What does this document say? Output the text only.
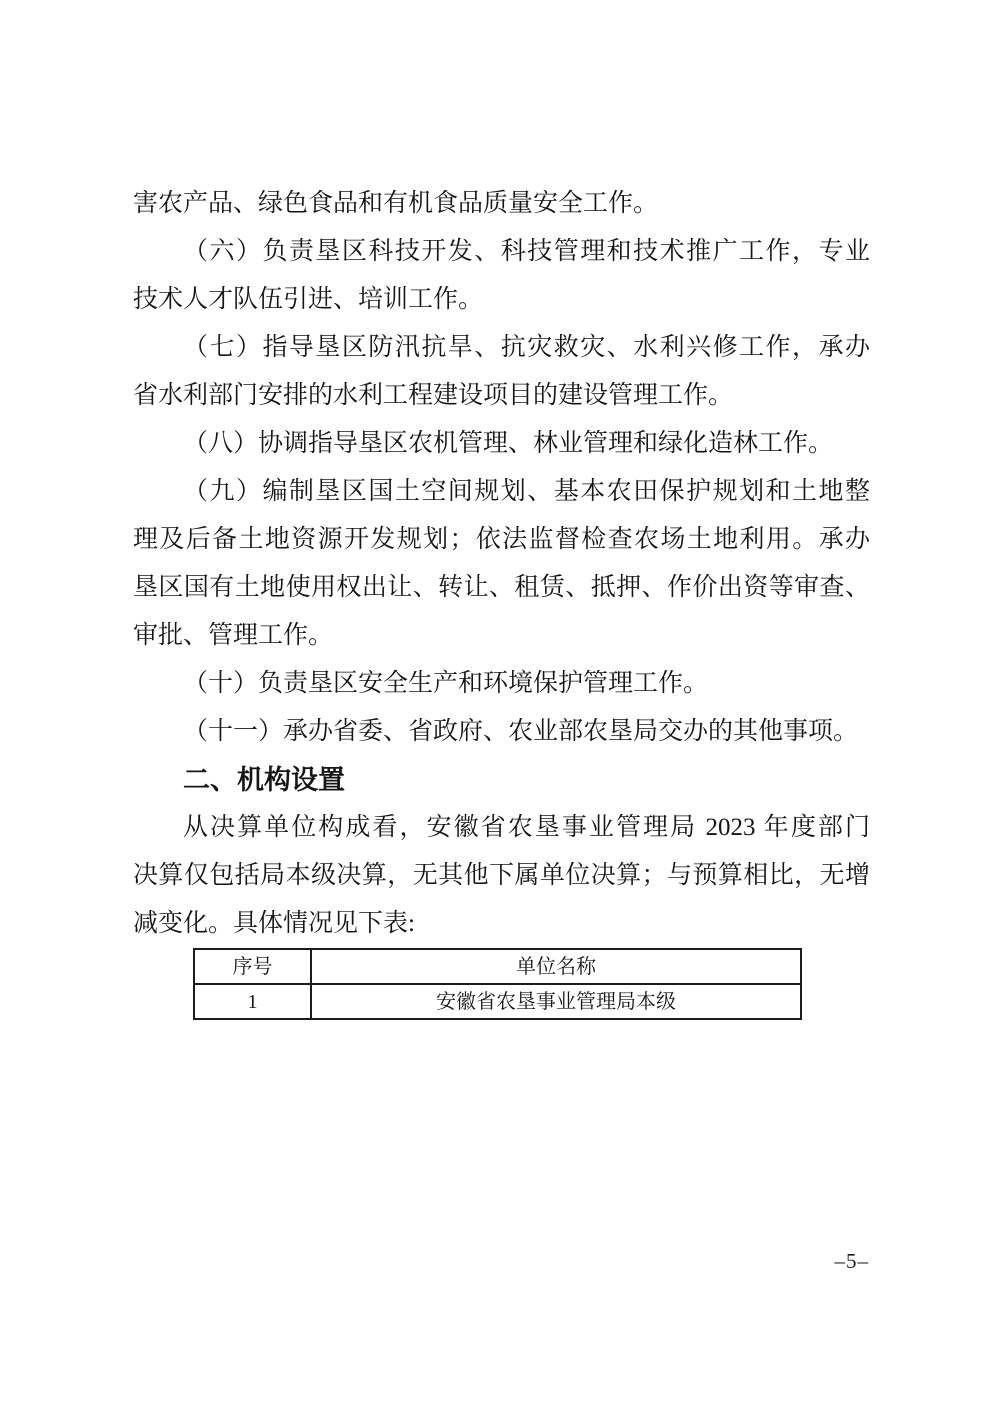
害农产品、绿色食品和有机食品质量安全工作。
（六）负责垦区科技开发、科技管理和技术推广工作，专业
技术人才队伍引进、培训工作。
（七）指导垦区防汛抗旱、抗灾救灾、水利兴修工作，承办
省水利部门安排的水利工程建设项目的建设管理工作。
（八）协调指导垦区农机管理、林业管理和绿化造林工作。
（九）编制垦区国土空间规划、基本农田保护规划和土地整
理及后备土地资源开发规划；依法监督检查农场土地利用。承办
垦区国有土地使用权出让、转让、租赁、抵押、作价出资等审查、
审批、管理工作。
（十）负责垦区安全生产和环境保护管理工作。
（十一）承办省委、省政府、农业部农垦局交办的其他事项。
二、机构设置
从决算单位构成看，安徽省农垦事业管理局 2023 年度部门
决算仅包括局本级决算，无其他下属单位决算；与预算相比，无增
减变化。具体情况见下表:
序号	单位名称
1	安徽省农垦事业管理局本级
–5–
